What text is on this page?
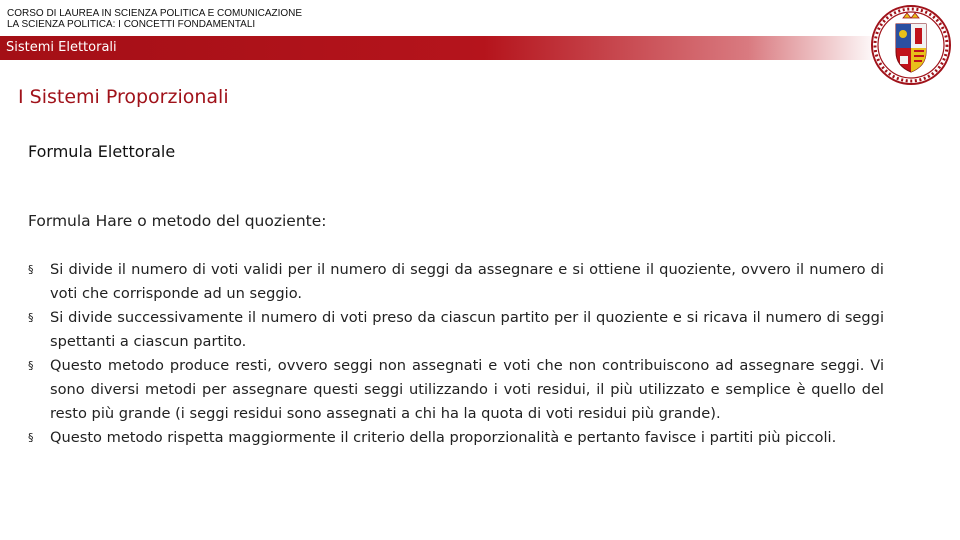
CORSO DI LAUREA IN SCIENZA POLITICA E COMUNICAZIONE
LA SCIENZA POLITICA: I CONCETTI FONDAMENTALI
Sistemi Elettorali
I Sistemi Proporzionali
Formula Elettorale
Formula Hare o metodo del quoziente:
§ Si divide il numero di voti validi per il numero di seggi da assegnare e si ottiene il quoziente, ovvero il numero di voti che corrisponde ad un seggio.
§ Si divide successivamente il numero di voti preso da ciascun partito per il quoziente e si ricava il numero di seggi spettanti a ciascun partito.
§ Questo metodo produce resti, ovvero seggi non assegnati e voti che non contribuiscono ad assegnare seggi. Vi sono diversi metodi per assegnare questi seggi utilizzando i voti residui, il più utilizzato e semplice è quello del resto più grande (i seggi residui sono assegnati a chi ha la quota di voti residui più grande).
§ Questo metodo rispetta maggiormente il criterio della proporzionalità e pertanto favisce i partiti più piccoli.
